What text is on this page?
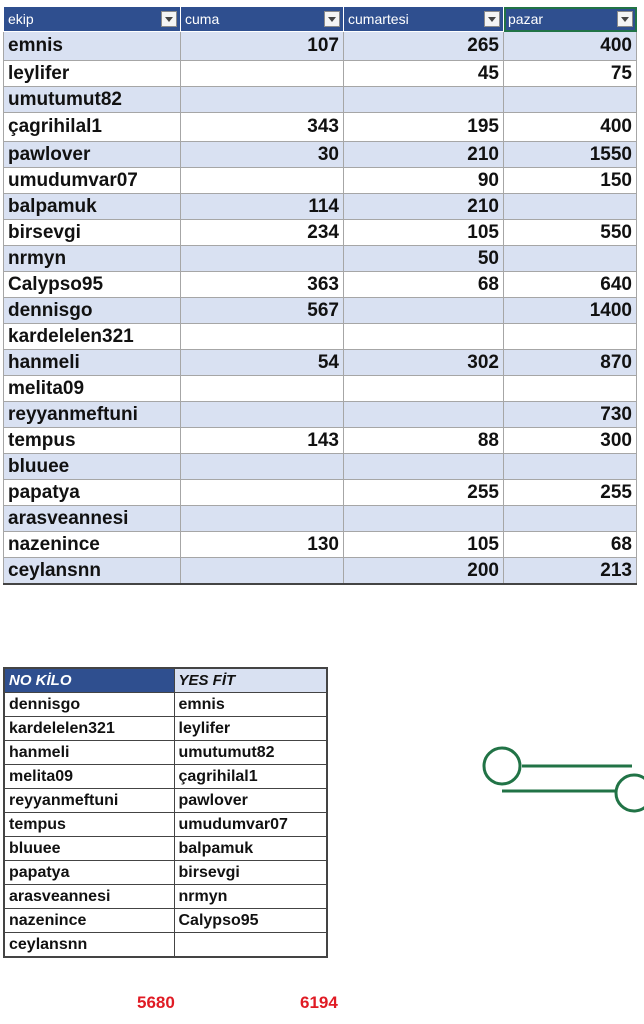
ekip	cuma	cumartesi	pazar

emnis	107	265	400
leylifer		45	75
umutumut82			
çagrihilal1	343	195	400
pawlover	30	210	1550
umudumvar07		90	150
balpamuk	114	210	
birsevgi	234	105	550
nrmyn		50	
Calypso95	363	68	640
dennisgo	567		1400
kardelelen321			
hanmeli	54	302	870
melita09			
reyyanmeftuni			730
tempus	143	88	300
bluuee			
papatya		255	255
arasveannesi			
nazenince	130	105	68
ceylansnn		200	213
NO KİLO	YES FİT
dennisgo	emnis
kardelelen321	leylifer
hanmeli	umutumut82
melita09	çagrihilal1
reyyanmeftuni	pawlover
tempus	umudumvar07
bluuee	balpamuk
papatya	birsevgi
arasveannesi	nrmyn
nazenince	Calypso95
ceylansnn	
5680	6194
